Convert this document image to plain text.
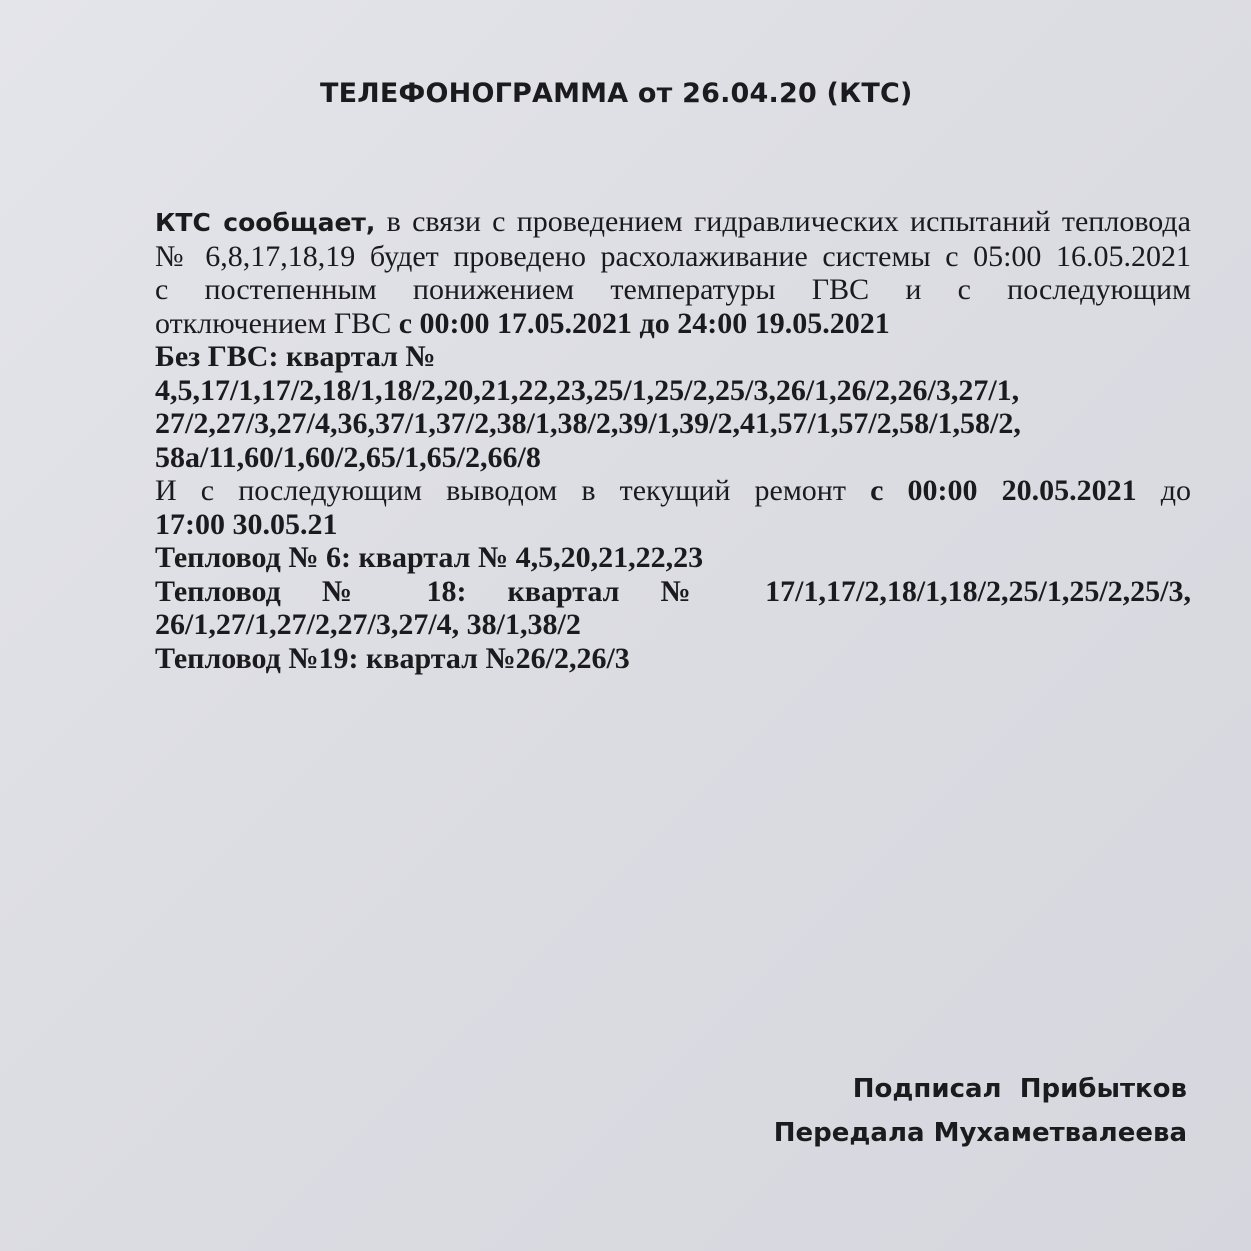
ТЕЛЕФОНОГРАММА от 26.04.20 (КТС)
КТС сообщает, в связи с проведением гидравлических испытаний тепловода
№ 6,8,17,18,19 будет проведено расхолаживание системы с 05:00 16.05.2021
с постепенным понижением температуры ГВС и с последующим
отключением ГВС с 00:00 17.05.2021 до 24:00 19.05.2021
Без ГВС: квартал №
4,5,17/1,17/2,18/1,18/2,20,21,22,23,25/1,25/2,25/3,26/1,26/2,26/3,27/1,
27/2,27/3,27/4,36,37/1,37/2,38/1,38/2,39/1,39/2,41,57/1,57/2,58/1,58/2,
58а/11,60/1,60/2,65/1,65/2,66/8
И с последующим выводом в текущий ремонт с 00:00 20.05.2021 до
17:00 30.05.21
Тепловод № 6: квартал № 4,5,20,21,22,23
Тепловод № 18: квартал № 17/1,17/2,18/1,18/2,25/1,25/2,25/3,
26/1,27/1,27/2,27/3,27/4, 38/1,38/2
Тепловод №19: квартал №26/2,26/3
Подписал  Прибытков
Передала Мухаметвалеева
